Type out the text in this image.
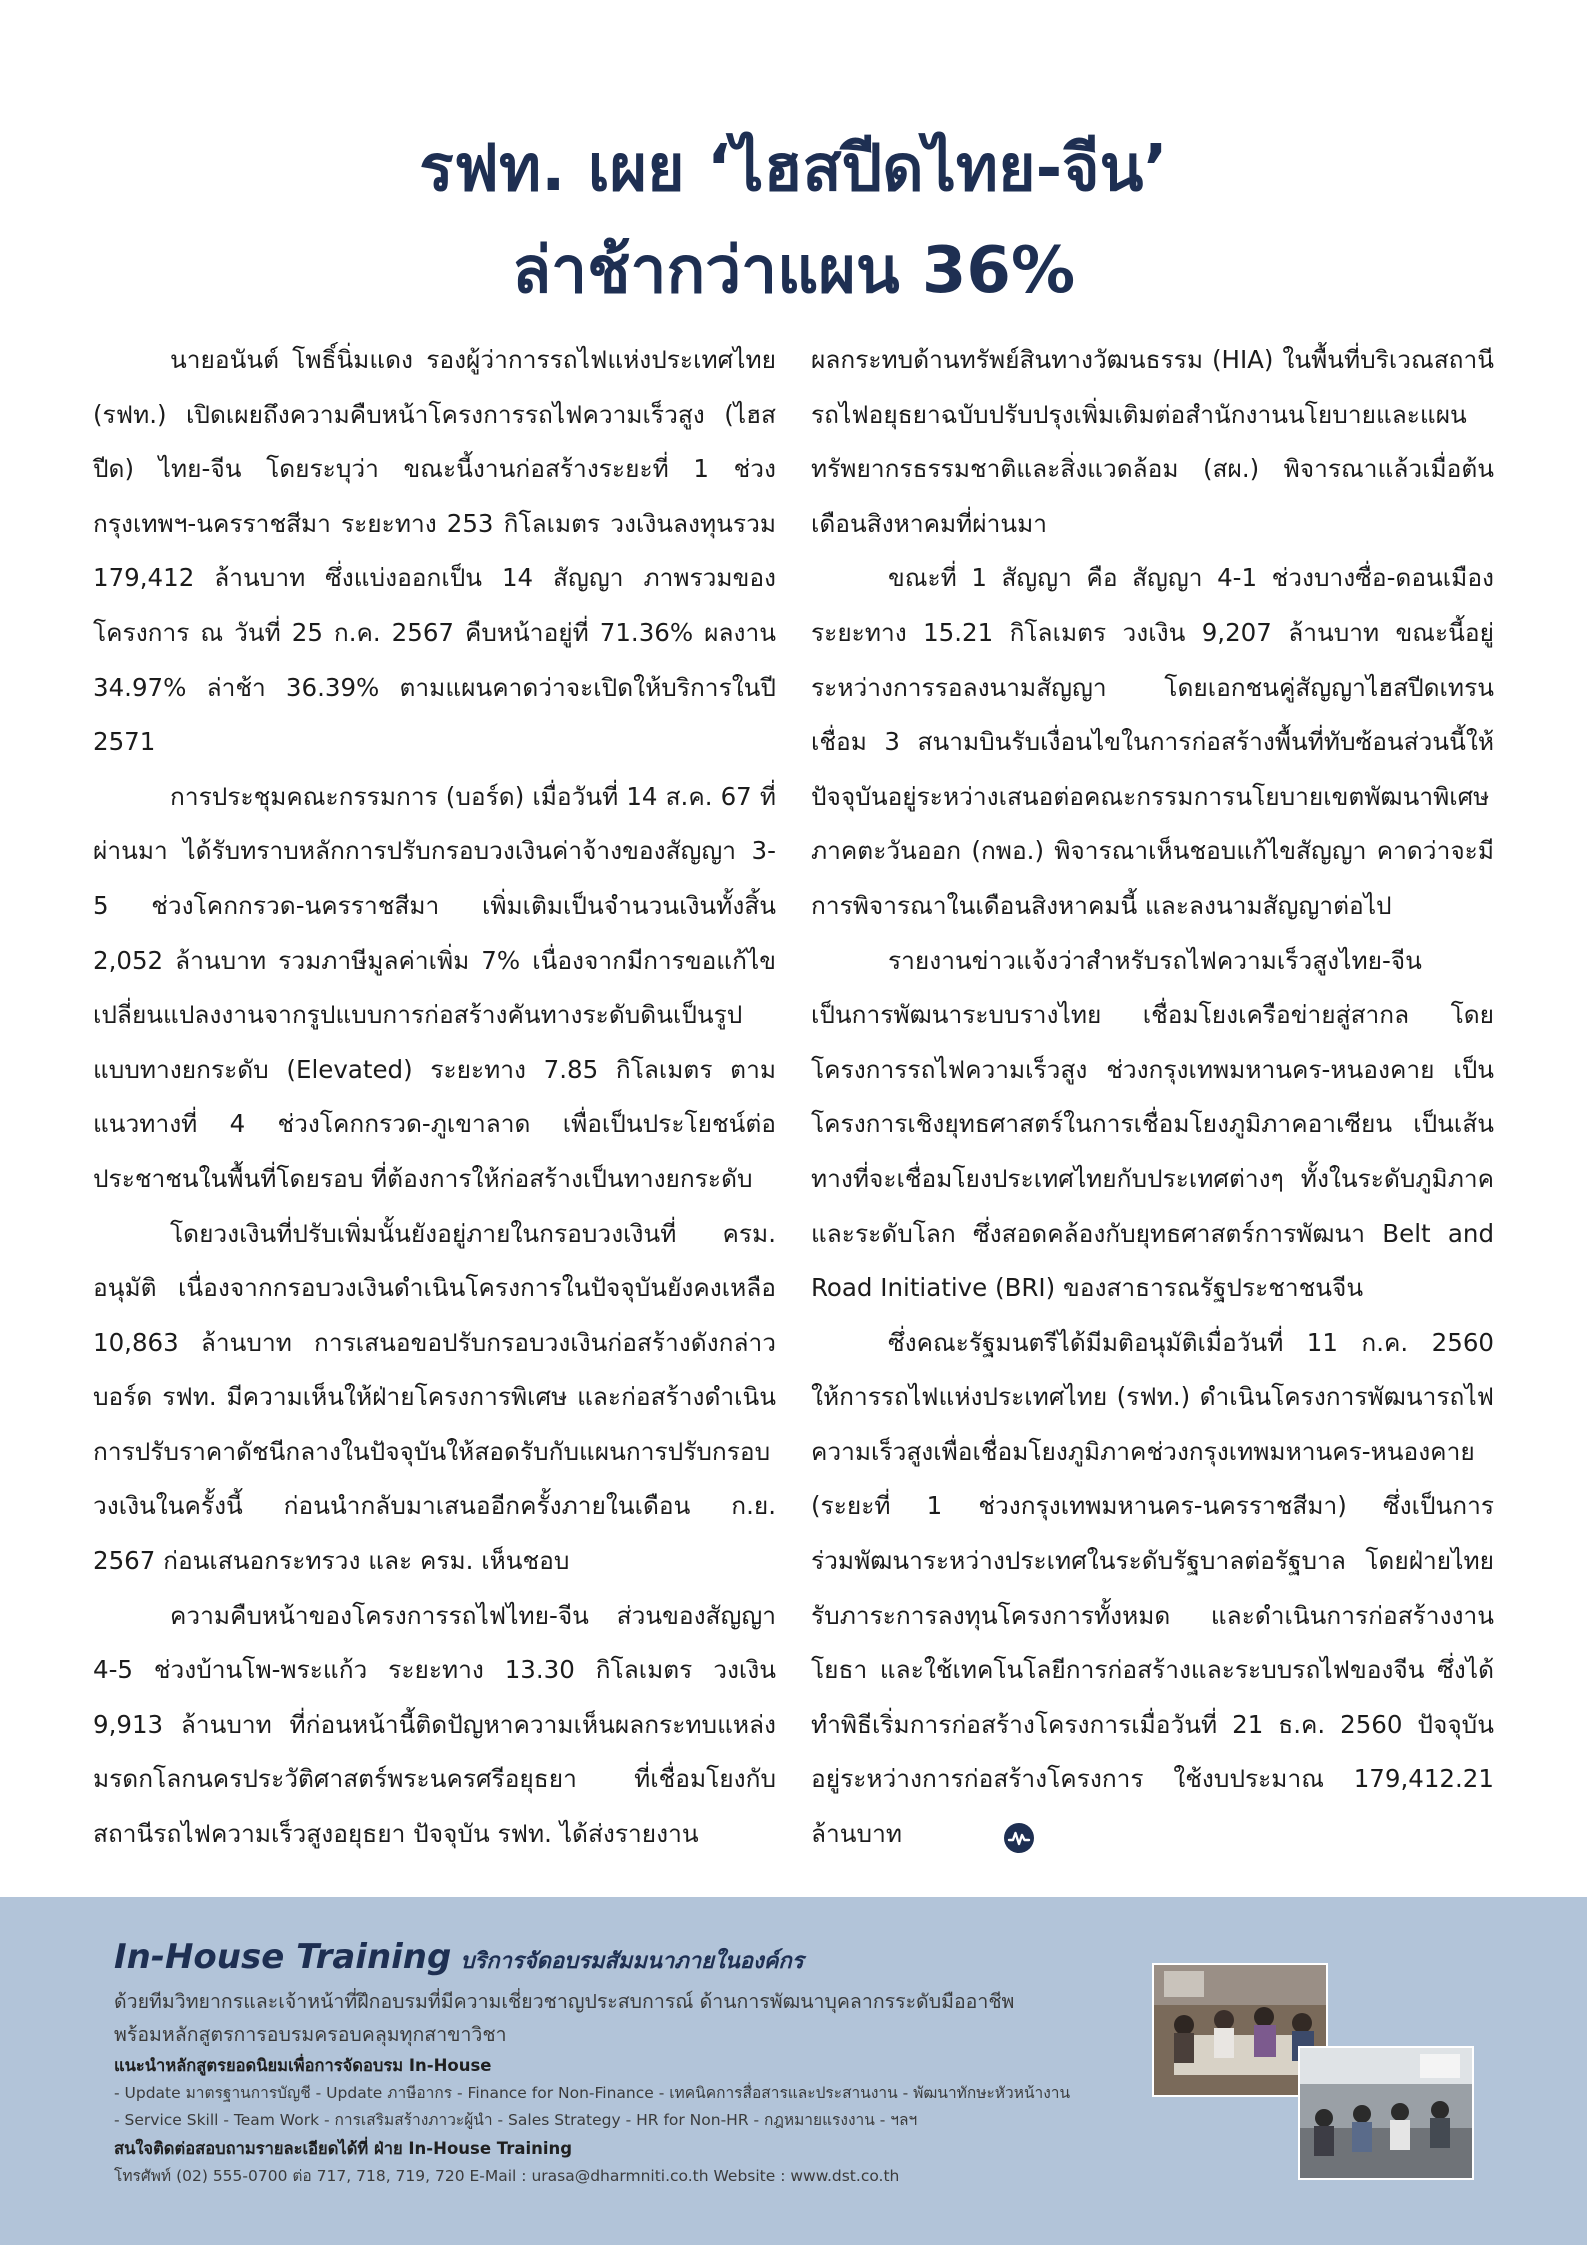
รฟท. เผย ‘ไฮสปีดไทย-จีน’
ล่าช้ากว่าแผน 36%

นายอนันต์ โพธิ์นิ่มแดง รองผู้ว่าการรถไฟแห่งประเทศไทย (รฟท.) เปิดเผยถึงความคืบหน้าโครงการรถไฟความเร็วสูง (ไฮสปีด) ไทย-จีน โดยระบุว่า ขณะนี้งานก่อสร้างระยะที่ 1 ช่วงกรุงเทพฯ-นครราชสีมา ระยะทาง 253 กิโลเมตร วงเงินลงทุนรวม 179,412 ล้านบาท ซึ่งแบ่งออกเป็น 14 สัญญา ภาพรวมของโครงการ ณ วันที่ 25 ก.ค. 2567 คืบหน้าอยู่ที่ 71.36% ผลงาน 34.97% ล่าช้า 36.39% ตามแผนคาดว่าจะเปิดให้บริการในปี 2571

การประชุมคณะกรรมการ (บอร์ด) เมื่อวันที่ 14 ส.ค. 67 ที่ผ่านมา ได้รับทราบหลักการปรับกรอบวงเงินค่าจ้างของสัญญา 3-5 ช่วงโคกกรวด-นครราชสีมา เพิ่มเติมเป็นจำนวนเงินทั้งสิ้น 2,052 ล้านบาท รวมภาษีมูลค่าเพิ่ม 7% เนื่องจากมีการขอแก้ไขเปลี่ยนแปลงงานจากรูปแบบการก่อสร้างคันทางระดับดินเป็นรูปแบบทางยกระดับ (Elevated) ระยะทาง 7.85 กิโลเมตร ตามแนวทางที่ 4 ช่วงโคกกรวด-ภูเขาลาด เพื่อเป็นประโยชน์ต่อประชาชนในพื้นที่โดยรอบ ที่ต้องการให้ก่อสร้างเป็นทางยกระดับ

โดยวงเงินที่ปรับเพิ่มนั้นยังอยู่ภายในกรอบวงเงินที่ ครม. อนุมัติ เนื่องจากกรอบวงเงินดำเนินโครงการในปัจจุบันยังคงเหลือ 10,863 ล้านบาท การเสนอขอปรับกรอบวงเงินก่อสร้างดังกล่าว บอร์ด รฟท. มีความเห็นให้ฝ่ายโครงการพิเศษ และก่อสร้างดำเนินการปรับราคาดัชนีกลางในปัจจุบันให้สอดรับกับแผนการปรับกรอบวงเงินในครั้งนี้ ก่อนนำกลับมาเสนออีกครั้งภายในเดือน ก.ย. 2567 ก่อนเสนอกระทรวง และ ครม. เห็นชอบ

ความคืบหน้าของโครงการรถไฟไทย-จีน ส่วนของสัญญา 4-5 ช่วงบ้านโพ-พระแก้ว ระยะทาง 13.30 กิโลเมตร วงเงิน 9,913 ล้านบาท ที่ก่อนหน้านี้ติดปัญหาความเห็นผลกระทบแหล่งมรดกโลกนครประวัติศาสตร์พระนครศรีอยุธยา ที่เชื่อมโยงกับสถานีรถไฟความเร็วสูงอยุธยา ปัจจุบัน รฟท. ได้ส่งรายงาน

ผลกระทบด้านทรัพย์สินทางวัฒนธรรม (HIA) ในพื้นที่บริเวณสถานีรถไฟอยุธยาฉบับปรับปรุงเพิ่มเติมต่อสำนักงานนโยบายและแผนทรัพยากรธรรมชาติและสิ่งแวดล้อม (สผ.) พิจารณาแล้วเมื่อต้นเดือนสิงหาคมที่ผ่านมา

ขณะที่ 1 สัญญา คือ สัญญา 4-1 ช่วงบางซื่อ-ดอนเมือง ระยะทาง 15.21 กิโลเมตร วงเงิน 9,207 ล้านบาท ขณะนี้อยู่ระหว่างการรอลงนามสัญญา โดยเอกชนคู่สัญญาไฮสปีดเทรนเชื่อม 3 สนามบินรับเงื่อนไขในการก่อสร้างพื้นที่ทับซ้อนส่วนนี้ให้ปัจจุบันอยู่ระหว่างเสนอต่อคณะกรรมการนโยบายเขตพัฒนาพิเศษภาคตะวันออก (กพอ.) พิจารณาเห็นชอบแก้ไขสัญญา คาดว่าจะมีการพิจารณาในเดือนสิงหาคมนี้ และลงนามสัญญาต่อไป

รายงานข่าวแจ้งว่าสำหรับรถไฟความเร็วสูงไทย-จีน เป็นการพัฒนาระบบรางไทย เชื่อมโยงเครือข่ายสู่สากล โดยโครงการรถไฟความเร็วสูง ช่วงกรุงเทพมหานคร-หนองคาย เป็นโครงการเชิงยุทธศาสตร์ในการเชื่อมโยงภูมิภาคอาเซียน เป็นเส้นทางที่จะเชื่อมโยงประเทศไทยกับประเทศต่างๆ ทั้งในระดับภูมิภาคและระดับโลก ซึ่งสอดคล้องกับยุทธศาสตร์การพัฒนา Belt and Road Initiative (BRI) ของสาธารณรัฐประชาชนจีน

ซึ่งคณะรัฐมนตรีได้มีมติอนุมัติเมื่อวันที่ 11 ก.ค. 2560 ให้การรถไฟแห่งประเทศไทย (รฟท.) ดำเนินโครงการพัฒนารถไฟความเร็วสูงเพื่อเชื่อมโยงภูมิภาคช่วงกรุงเทพมหานคร-หนองคาย (ระยะที่ 1 ช่วงกรุงเทพมหานคร-นครราชสีมา) ซึ่งเป็นการร่วมพัฒนาระหว่างประเทศในระดับรัฐบาลต่อรัฐบาล โดยฝ่ายไทยรับภาระการลงทุนโครงการทั้งหมด และดำเนินการก่อสร้างงานโยธา และใช้เทคโนโลยีการก่อสร้างและระบบรถไฟของจีน ซึ่งได้ทำพิธีเริ่มการก่อสร้างโครงการเมื่อวันที่ 21 ธ.ค. 2560 ปัจจุบันอยู่ระหว่างการก่อสร้างโครงการ ใช้งบประมาณ 179,412.21 ล้านบาท

In-House Training บริการจัดอบรมสัมมนาภายในองค์กร
ด้วยทีมวิทยากรและเจ้าหน้าที่ฝึกอบรมที่มีความเชี่ยวชาญประสบการณ์ ด้านการพัฒนาบุคลากรระดับมืออาชีพ
พร้อมหลักสูตรการอบรมครอบคลุมทุกสาขาวิชา
แนะนำหลักสูตรยอดนิยมเพื่อการจัดอบรม In-House
- Update มาตรฐานการบัญชี - Update ภาษีอากร - Finance for Non-Finance - เทคนิคการสื่อสารและประสานงาน - พัฒนาทักษะหัวหน้างาน
- Service Skill - Team Work - การเสริมสร้างภาวะผู้นำ - Sales Strategy - HR for Non-HR - กฎหมายแรงงาน - ฯลฯ
สนใจติดต่อสอบถามรายละเอียดได้ที่ ฝ่าย In-House Training
โทรศัพท์ (02) 555-0700 ต่อ 717, 718, 719, 720 E-Mail : urasa@dharmniti.co.th Website : www.dst.co.th
